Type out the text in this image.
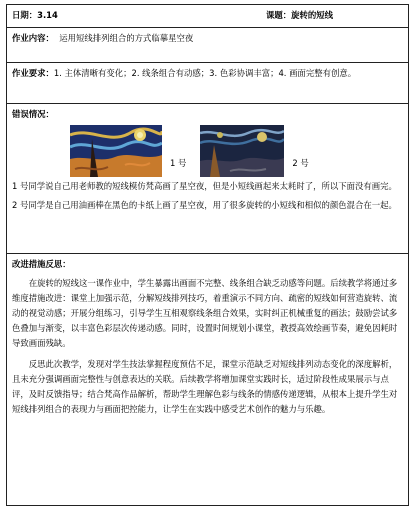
日期：3.14	课题：旋转的短线

作业内容： 运用短线排列组合的方式临摹星空夜
作业要求：1. 主体清晰有变化；2. 线条组合有动感；3. 色彩协调丰富；4. 画面完整有创意。

错误情况：
1 号	2 号

1 号同学说自己用老师教的短线模仿梵高画了星空夜，但是小短线画起来太耗时了，所以下面没有画完。

2 号同学是自己用油画棒在黑色的卡纸上画了星空夜，用了很多旋转的小短线和相似的颜色混合在一起。

改进措施反思：

在旋转的短线这一课作业中，学生暴露出画面不完整、线条组合缺乏动感等问题。后续教学将通过多维度措施改进：课堂上加强示范，分解短线排列技巧，着重演示不同方向、疏密的短线如何营造旋转、流动的视觉动感；开展分组练习，引导学生互相观察线条组合效果，实时纠正机械重复的画法；鼓励尝试多色叠加与渐变，以丰富色彩层次传递动感。同时，设置时间规划小课堂，教授高效绘画节奏，避免因耗时导致画面残缺。

反思此次教学，发现对学生技法掌握程度预估不足，课堂示范缺乏对短线排列动态变化的深度解析，且未充分强调画面完整性与创意表达的关联。后续教学将增加课堂实践时长，适过阶段性成果展示与点评，及时反馈指导；结合梵高作品解析，帮助学生理解色彩与线条的情感传递逻辑，从根本上提升学生对短线排列组合的表现力与画面把控能力，让学生在实践中感受艺术创作的魅力与乐趣。
